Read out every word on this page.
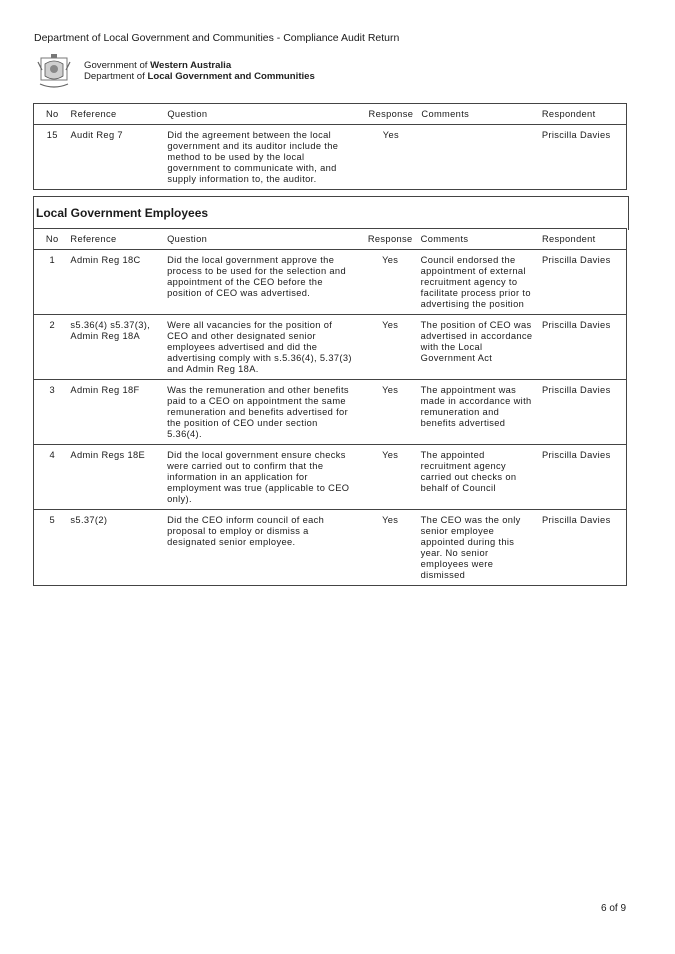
Department of Local Government and Communities - Compliance Audit Return
Government of Western Australia
Department of Local Government and Communities
No	Reference	Question	Response	Comments	Respondent
15	Audit Reg 7	Did the agreement between the local government and its auditor include the method to be used by the local government to communicate with, and supply information to, the auditor.	Yes		Priscilla Davies
Local Government Employees
No	Reference	Question	Response	Comments	Respondent
1	Admin Reg 18C	Did the local government approve the process to be used for the selection and appointment of the CEO before the position of CEO was advertised.	Yes	Council endorsed the appointment of external recruitment agency to facilitate process prior to advertising the position	Priscilla Davies
2	s5.36(4) s5.37(3), Admin Reg 18A	Were all vacancies for the position of CEO and other designated senior employees advertised and did the advertising comply with s.5.36(4), 5.37(3) and Admin Reg 18A.	Yes	The position of CEO was advertised in accordance with the Local Government Act	Priscilla Davies
3	Admin Reg 18F	Was the remuneration and other benefits paid to a CEO on appointment the same remuneration and benefits advertised for the position of CEO under section 5.36(4).	Yes	The appointment was made in accordance with remuneration and benefits advertised	Priscilla Davies
4	Admin Regs 18E	Did the local government ensure checks were carried out to confirm that the information in an application for employment was true (applicable to CEO only).	Yes	The appointed recruitment agency carried out checks on behalf of Council	Priscilla Davies
5	s5.37(2)	Did the CEO inform council of each proposal to employ or dismiss a designated senior employee.	Yes	The CEO was the only senior employee appointed during this year. No senior employees were dismissed	Priscilla Davies
6 of 9
